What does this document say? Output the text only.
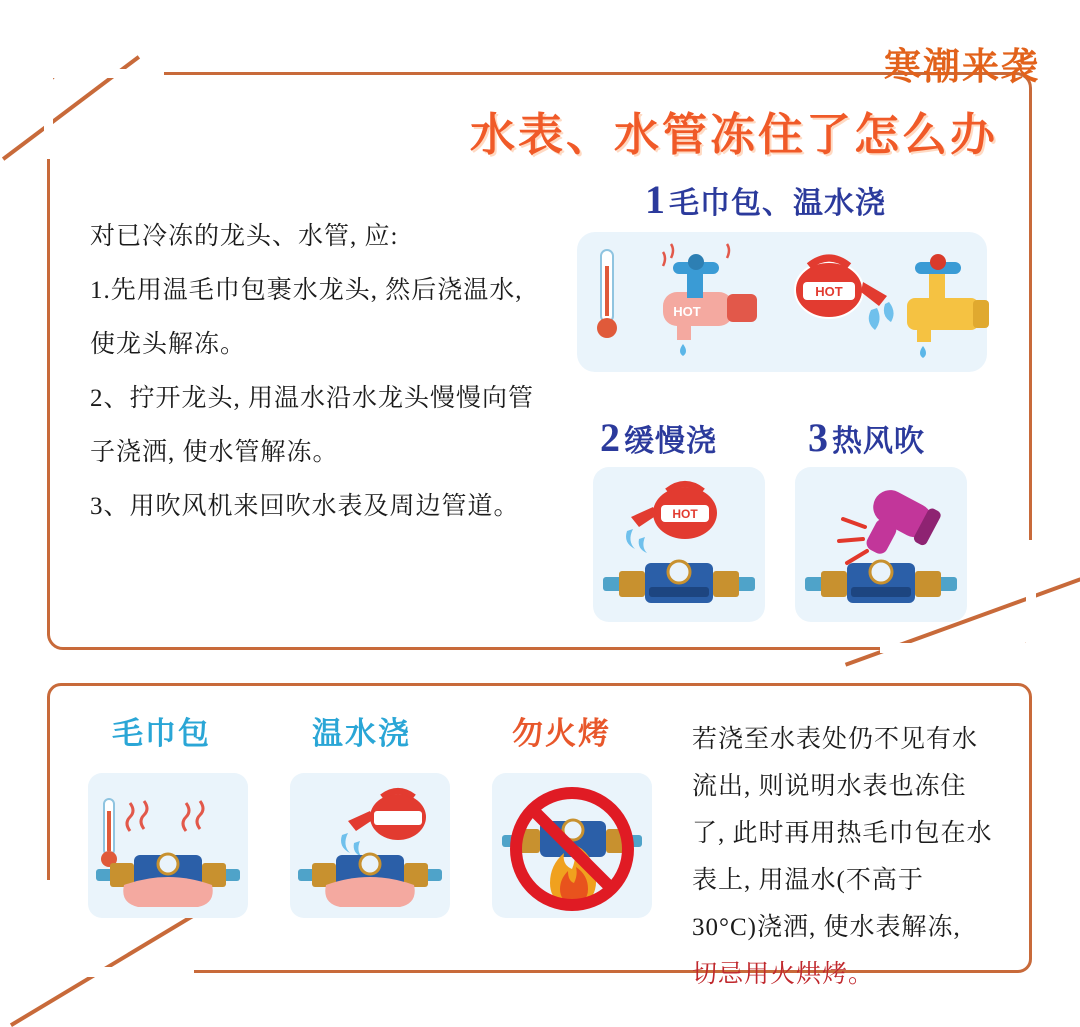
寒潮来袭
水表、水管冻住了怎么办

对已冷冻的龙头、水管, 应:

1.先用温毛巾包裹水龙头, 然后浇温水,

使龙头解冻。

2、拧开龙头, 用温水沿水龙头慢慢向管

子浇洒, 使水管解冻。

3、用吹风机来回吹水表及周边管道。

1 毛巾包、温水浇
HOT
HOT
2 缓慢浇
HOT
3 热风吹
毛巾包	温水浇	勿火烤	若浇至水表处仍不见有水
流出, 则说明水表也冻住
了, 此时再用热毛巾包在水
表上, 用温水(不高于
30°C)浇洒, 使水表解冻,
切忌用火烘烤。
